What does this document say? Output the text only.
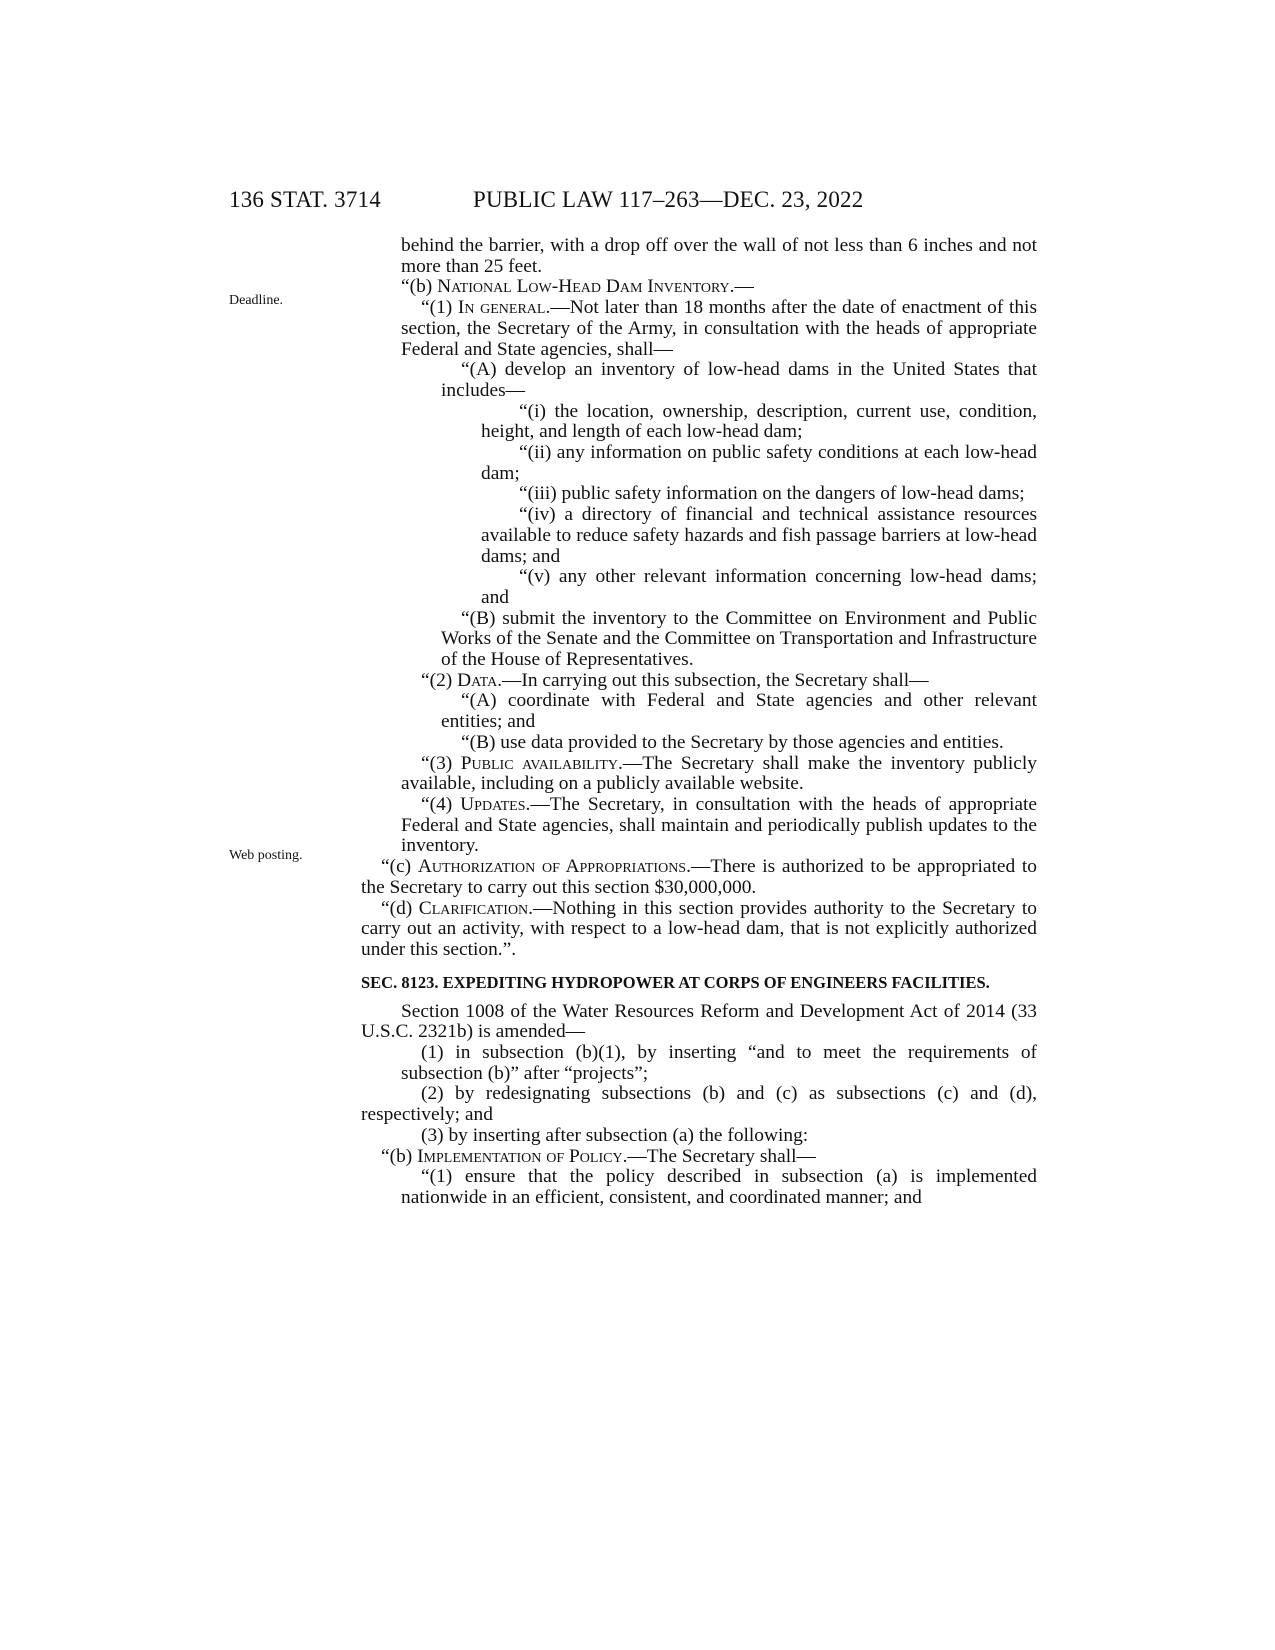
136 STAT. 3714	PUBLIC LAW 117–263—DEC. 23, 2022
Deadline.
Web posting.

behind the barrier, with a drop off over the wall of not less than 6 inches and not more than 25 feet.

“(b) National Low-Head Dam Inventory.—

“(1) In general.—Not later than 18 months after the date of enactment of this section, the Secretary of the Army, in consultation with the heads of appropriate Federal and State agencies, shall—

“(A) develop an inventory of low-head dams in the United States that includes—

“(i) the location, ownership, description, current use, condition, height, and length of each low-head dam;

“(ii) any information on public safety conditions at each low-head dam;

“(iii) public safety information on the dangers of low-head dams;

“(iv) a directory of financial and technical assistance resources available to reduce safety hazards and fish passage barriers at low-head dams; and

“(v) any other relevant information concerning low-head dams; and

“(B) submit the inventory to the Committee on Environment and Public Works of the Senate and the Committee on Transportation and Infrastructure of the House of Representatives.

“(2) Data.—In carrying out this subsection, the Secretary shall—

“(A) coordinate with Federal and State agencies and other relevant entities; and

“(B) use data provided to the Secretary by those agencies and entities.

“(3) Public availability.—The Secretary shall make the inventory publicly available, including on a publicly available website.

“(4) Updates.—The Secretary, in consultation with the heads of appropriate Federal and State agencies, shall maintain and periodically publish updates to the inventory.

“(c) Authorization of Appropriations.—There is authorized to be appropriated to the Secretary to carry out this section $30,000,000.

“(d) Clarification.—Nothing in this section provides authority to the Secretary to carry out an activity, with respect to a low-head dam, that is not explicitly authorized under this section.”.

SEC. 8123. EXPEDITING HYDROPOWER AT CORPS OF ENGINEERS FACILITIES.

Section 1008 of the Water Resources Reform and Development Act of 2014 (33 U.S.C. 2321b) is amended—

(1) in subsection (b)(1), by inserting “and to meet the requirements of subsection (b)” after “projects”;

(2) by redesignating subsections (b) and (c) as subsections (c) and (d), respectively; and

(3) by inserting after subsection (a) the following:

“(b) Implementation of Policy.—The Secretary shall—

“(1) ensure that the policy described in subsection (a) is implemented nationwide in an efficient, consistent, and coordinated manner; and
